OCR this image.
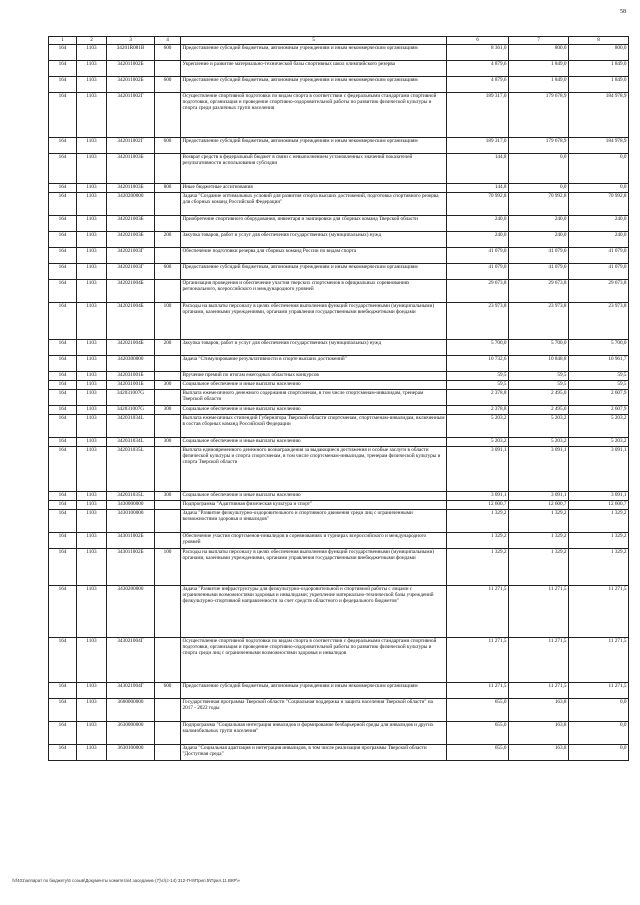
58
1	2	3	4	5	6	7	8
164	1103	34201R081B	600	Предоставление субсидий бюджетным, автономным учреждениям и иным некоммерческим организациям	8 361,0	800,0	800,0
164	1103	342011002Б		Укрепление и развитие материально-технической базы спортивных школ олимпийского резерва	4 879,6	1 849,0	1 849,0
164	1103	342011002Б	600	Предоставление субсидий бюджетным, автономным учреждениям и иным некоммерческим организациям	4 879,6	1 849,0	1 849,0
164	1103	342011002Г		Осуществление спортивной подготовки по видам спорта в соответствии с федеральными стандартами спортивной подготовки, организация и проведение спортивно-оздоровительной работы по развитию физической культуры и спорта среди различных групп населения	189 317,0	179 678,9	184 978,9
164	1103	342011002Г	600	Предоставление субсидий бюджетным, автономным учреждениям и иным некоммерческим организациям	189 317,0	179 678,9	184 978,9
164	1103	342011003Б		Возврат средств в федеральный бюджет в связи с невыполнением установленных значений показателей результативности использования субсидии	144,8	0,0	0,0
164	1103	342011003Б	800	Иные бюджетные ассигнования	144,8	0,0	0,0
164	1103	3420200000		Задача "Создание оптимальных условий для развития спорта высших достижений, подготовка спортивного резерва для сборных команд Российской Федерации"	70 992,8	70 992,8	70 992,8
164	1103	342021003Б		Приобретение спортивного оборудования, инвентаря и экипировки для сборных команд Тверской области	240,0	240,0	240,0
164	1103	342021003Б	200	Закупка товаров, работ и услуг для обеспечения государственных (муниципальных) нужд	240,0	240,0	240,0
164	1103	342021003Г		Обеспечение подготовки резерва для сборных команд России по видам спорта	41 079,0	41 079,0	41 079,0
164	1103	342021003Г	600	Предоставление субсидий бюджетным, автономным учреждениям и иным некоммерческим организациям	41 079,0	41 079,0	41 079,0
164	1103	342021004Б		Организация проведения и обеспечение участия тверских спортсменов в официальных соревнованиях регионального, всероссийского и международного уровней	29 673,8	29 673,8	29 673,8
164	1103	342021004Б	100	Расходы на выплаты персоналу в целях обеспечения выполнения функций государственными (муниципальными) органами, казенными учреждениями, органами управления государственными внебюджетными фондами	23 973,8	23 973,8	23 973,8
164	1103	342021004Б	200	Закупка товаров, работ и услуг для обеспечения государственных (муниципальных) нужд	5 700,0	5 700,0	5 700,0
164	1103	3420300000		Задача "Стимулирование результативности в спорте высших достижений"	10 732,6	10 848,8	10 961,7
164	1103	342031001Б		Вручение премий по итогам ежегодных областных конкурсов	59,5	59,5	59,5
164	1103	342031001Б	300	Социальное обеспечение и иные выплаты населению	59,5	59,5	59,5
164	1103	342031007G		Выплата ежемесячного денежного содержания спортсменам, в том числе спортсменам-инвалидам, тренерам Тверской области	2 378,8	2 495,0	2 607,9
164	1103	342031007G	300	Социальное обеспечение и иные выплаты населению	2 378,8	2 495,0	2 607,9
164	1103	342031034L		Выплата ежемесячных стипендий Губернатора Тверской области спортсменам, спортсменам-инвалидам, включенным в состав сборных команд Российской Федерации	5 203,2	5 203,2	5 203,2
164	1103	342031034L	300	Социальное обеспечение и иные выплаты населению	5 203,2	5 203,2	5 203,2
164	1103	342031035L		Выплата единовременного денежного вознаграждения за выдающиеся достижения и особые заслуги в области физической культуры и спорта спортсменам, в том числе спортсменам-инвалидам, тренерам физической культуры и спорта Тверской области	3 091,1	3 091,1	3 091,1
164	1103	342031035L	300	Социальное обеспечение и иные выплаты населению	3 091,1	3 091,1	3 091,1
164	1103	3430000000		Подпрограмма "Адаптивная физическая культура и спорт"	12 600,7	12 600,7	12 600,7
164	1103	3430100000		Задача "Развитие физкультурно-оздоровительного и спортивного движения среди лиц с ограниченными возможностями здоровья и инвалидов"	1 329,2	1 329,2	1 329,2
164	1103	343011002Б		Обеспечение участия спортсменов-инвалидов в соревнованиях и турнирах всероссийского и международного уровней	1 329,2	1 329,2	1 329,2
164	1103	343011002Б	100	Расходы на выплаты персоналу в целях обеспечения выполнения функций государственными (муниципальными) органами, казенными учреждениями, органами управления государственными внебюджетными фондами	1 329,2	1 329,2	1 329,2
164	1103	3430200000		Задача "Развитие инфраструктуры для физкультурно-оздоровительной и спортивной работы с лицами с ограниченными возможностями здоровья и инвалидами; укрепление материально-технической базы учреждений физкультурно-спортивной направленности за счет средств областного и федерального бюджетов"	11 271,5	11 271,5	11 271,5
164	1103	343021004Г		Осуществление спортивной подготовки по видам спорта в соответствии с федеральными стандартами спортивной подготовки, организация и проведение спортивно-оздоровительной работы по развитию физической культуры и спорта среди лиц с ограниченными возможностями здоровья и инвалидов	11 271,5	11 271,5	11 271,5
164	1103	343021004Г	600	Предоставление субсидий бюджетным, автономным учреждениям и иным некоммерческим организациям	11 271,5	11 271,5	11 271,5
164	1103	3600000000		Государственная программа Тверской области "Социальная поддержка и защита населения Тверской области" на 2017 - 2022 годы	655,0	163,8	0,0
164	1103	3630000000		Подпрограмма "Социальная интеграция инвалидов и формирование безбарьерной среды для инвалидов и других маломобильных групп населения"	655,0	163,8	0,0
164	1103	3630100000		Задача "Социальная адаптация и интеграция инвалидов, в том числе реализация программы Тверской области "Доступная среда"	655,0	163,8	0,0
\\rf401\аппарат по бюджету\6 созыв\Документы комитета\4 заседание (7)\с\(c-14) 312-П-9\Прил.5\Прил.11 ВКР\»
